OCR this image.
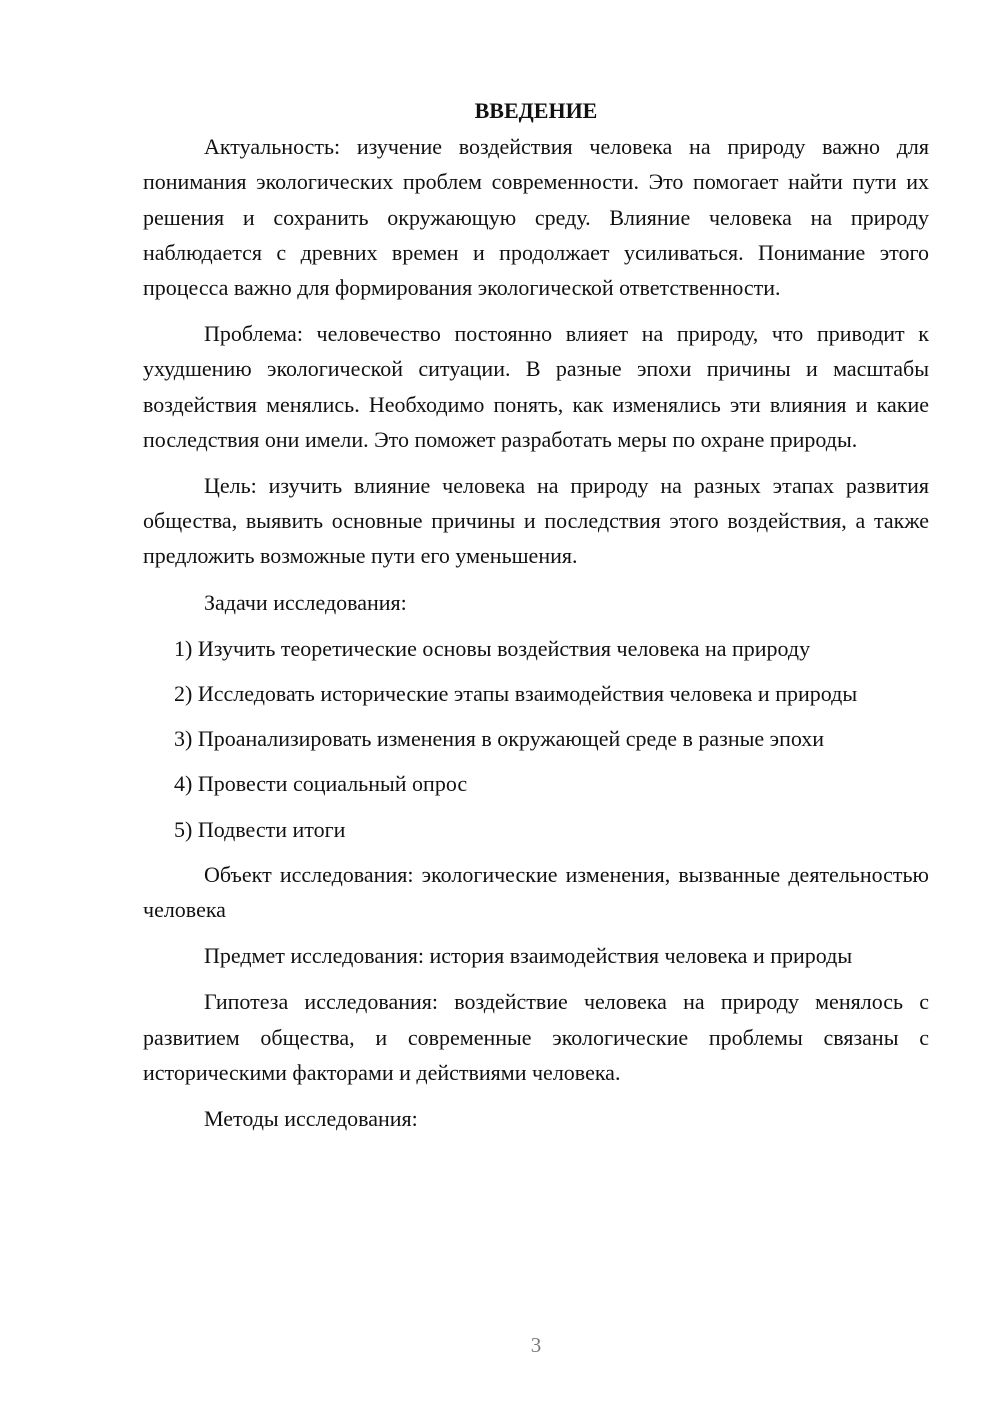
ВВЕДЕНИЕ

Актуальность: изучение воздействия человека на природу важно для понимания экологических проблем современности. Это помогает найти пути их решения и сохранить окружающую среду. Влияние человека на природу наблюдается с древних времен и продолжает усиливаться. Понимание этого процесса важно для формирования экологической ответственности.

Проблема: человечество постоянно влияет на природу, что приводит к ухудшению экологической ситуации. В разные эпохи причины и масштабы воздействия менялись. Необходимо понять, как изменялись эти влияния и какие последствия они имели. Это поможет разработать меры по охране природы.

Цель: изучить влияние человека на природу на разных этапах развития общества, выявить основные причины и последствия этого воздействия, а также предложить возможные пути его уменьшения.

Задачи исследования:

1) Изучить теоретические основы воздействия человека на природу

2) Исследовать исторические этапы взаимодействия человека и природы

3) Проанализировать изменения в окружающей среде в разные эпохи

4) Провести социальный опрос

5) Подвести итоги

Объект исследования: экологические изменения, вызванные деятельностью человека

Предмет исследования: история взаимодействия человека и природы

Гипотеза исследования: воздействие человека на природу менялось с развитием общества, и современные экологические проблемы связаны с историческими факторами и действиями человека.

Методы исследования:

3
